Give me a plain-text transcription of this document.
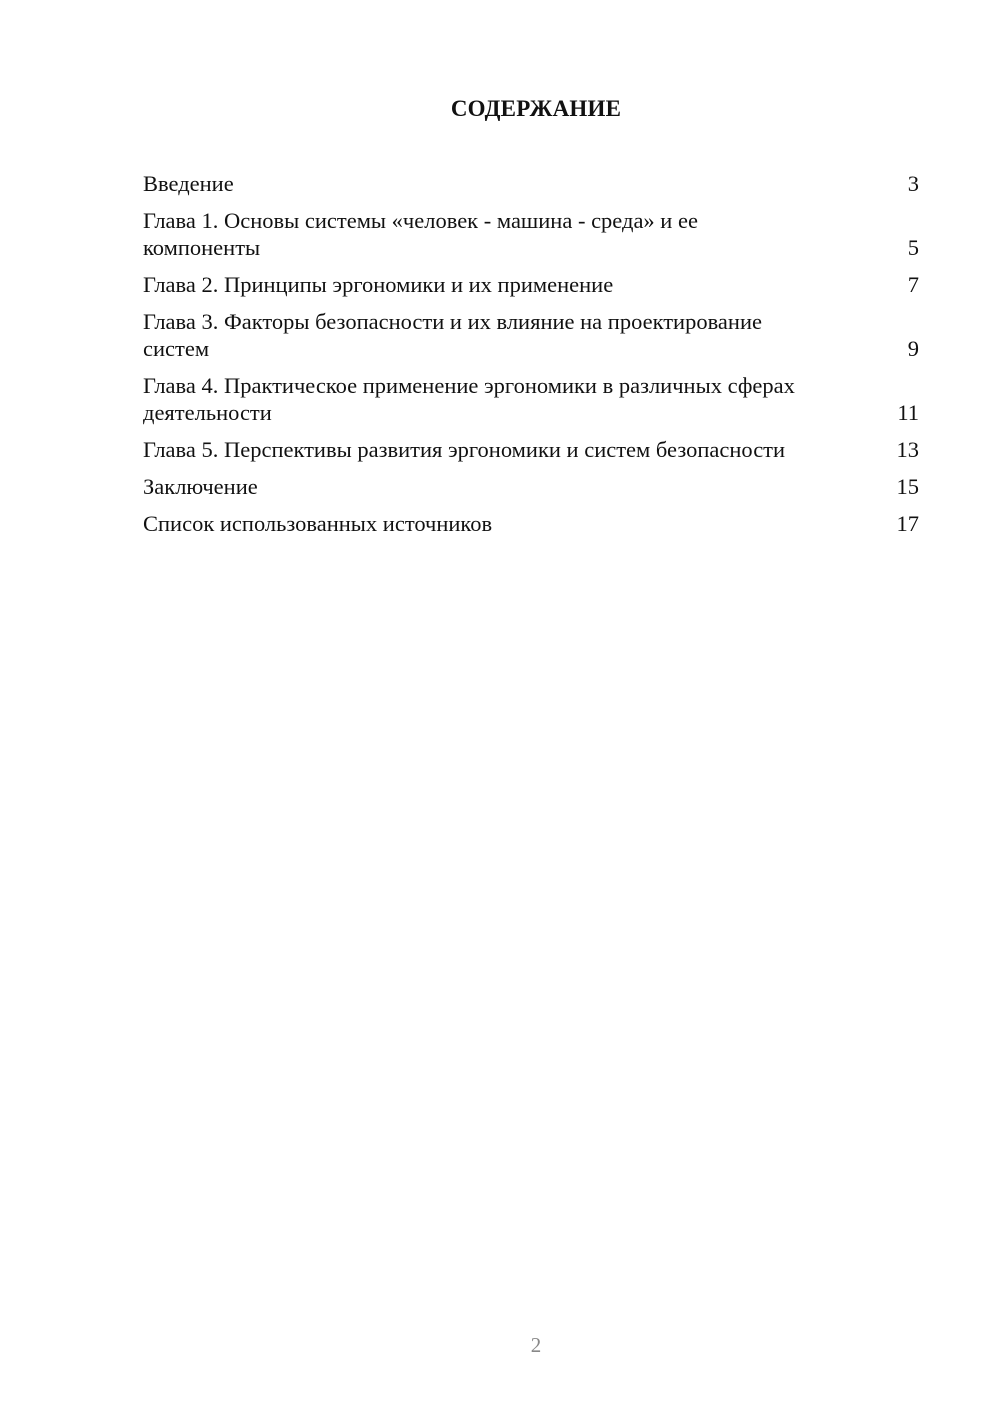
СОДЕРЖАНИЕ
Введение	3
Глава 1. Основы системы «человек - машина - среда» и ее компоненты	5
Глава 2. Принципы эргономики и их применение	7
Глава 3. Факторы безопасности и их влияние на проектирование систем	9
Глава 4. Практическое применение эргономики в различных сферах деятельности	11
Глава 5. Перспективы развития эргономики и систем безопасности	13
Заключение	15
Список использованных источников	17
2
